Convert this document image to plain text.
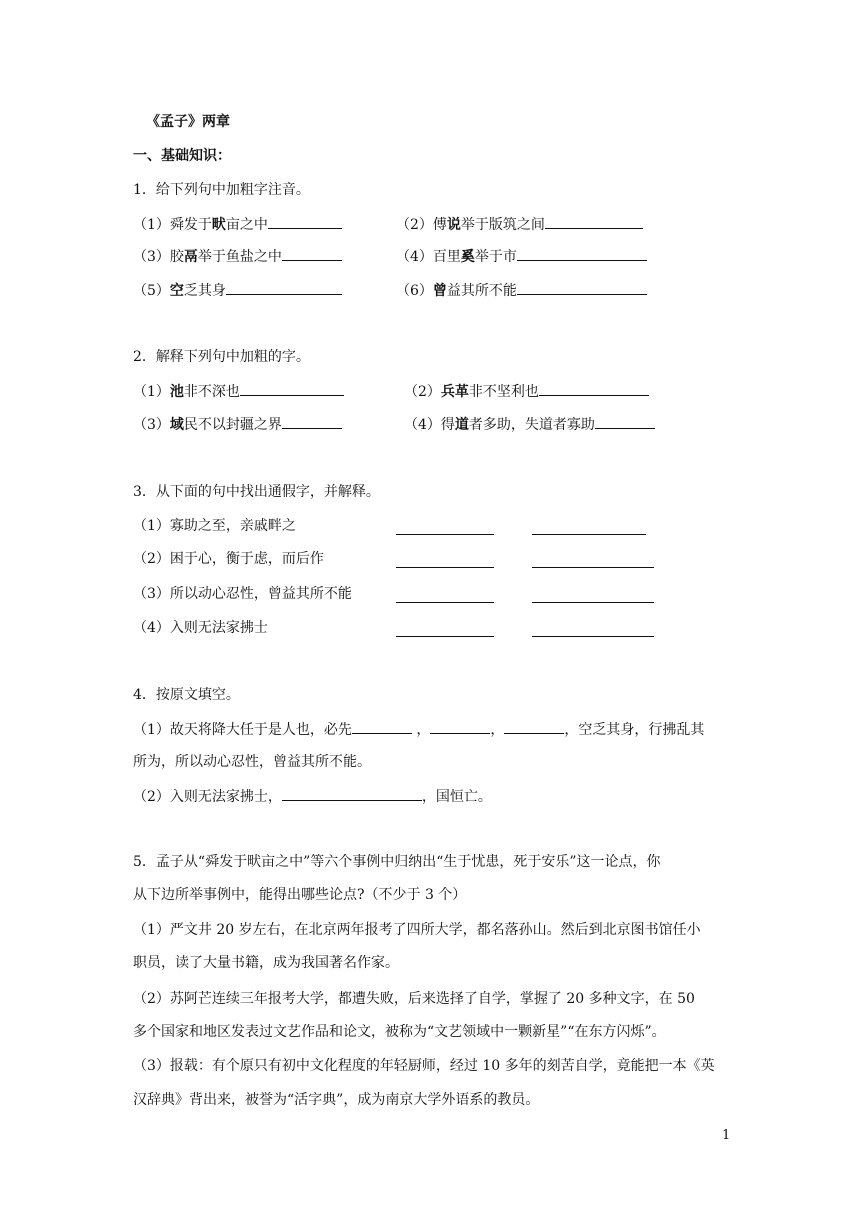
《孟子》两章
一、基础知识：
1．给下列句中加粗字注音。
（1）舜发于畎亩之中	（2）傅说举于版筑之间
（3）胶鬲举于鱼盐之中	（4）百里奚举于市
（5）空乏其身	（6）曾益其所不能
2．解释下列句中加粗的字。
（1）池非不深也	（2）兵革非不坚利也
（3）域民不以封疆之界	（4）得道者多助，失道者寡助
3．从下面的句中找出通假字，并解释。
（1）寡助之至，亲戚畔之
（2）困于心，衡于虑，而后作
（3）所以动心忍性，曾益其所不能
（4）入则无法家拂士
4．按原文填空。
（1）故天将降大任于是人也，必先	，	，	，空乏其身，行拂乱其
所为，所以动心忍性，曾益其所不能。
（2）入则无法家拂士，	，国恒亡。
5．孟子从“舜发于畎亩之中”等六个事例中归纳出“生于忧患，死于安乐”这一论点，你
从下边所举事例中，能得出哪些论点?（不少于 3 个）
（1）严文井 20 岁左右，在北京两年报考了四所大学，都名落孙山。然后到北京图书馆任小
职员，读了大量书籍，成为我国著名作家。
（2）苏阿芒连续三年报考大学，都遭失败，后来选择了自学，掌握了 20 多种文字，在 50
多个国家和地区发表过文艺作品和论文，被称为“文艺领域中一颗新星”“在东方闪烁”。
（3）报载：有个原只有初中文化程度的年轻厨师，经过 10 多年的刻苦自学，竟能把一本《英
汉辞典》背出来，被誉为“活字典”，成为南京大学外语系的教员。
1
